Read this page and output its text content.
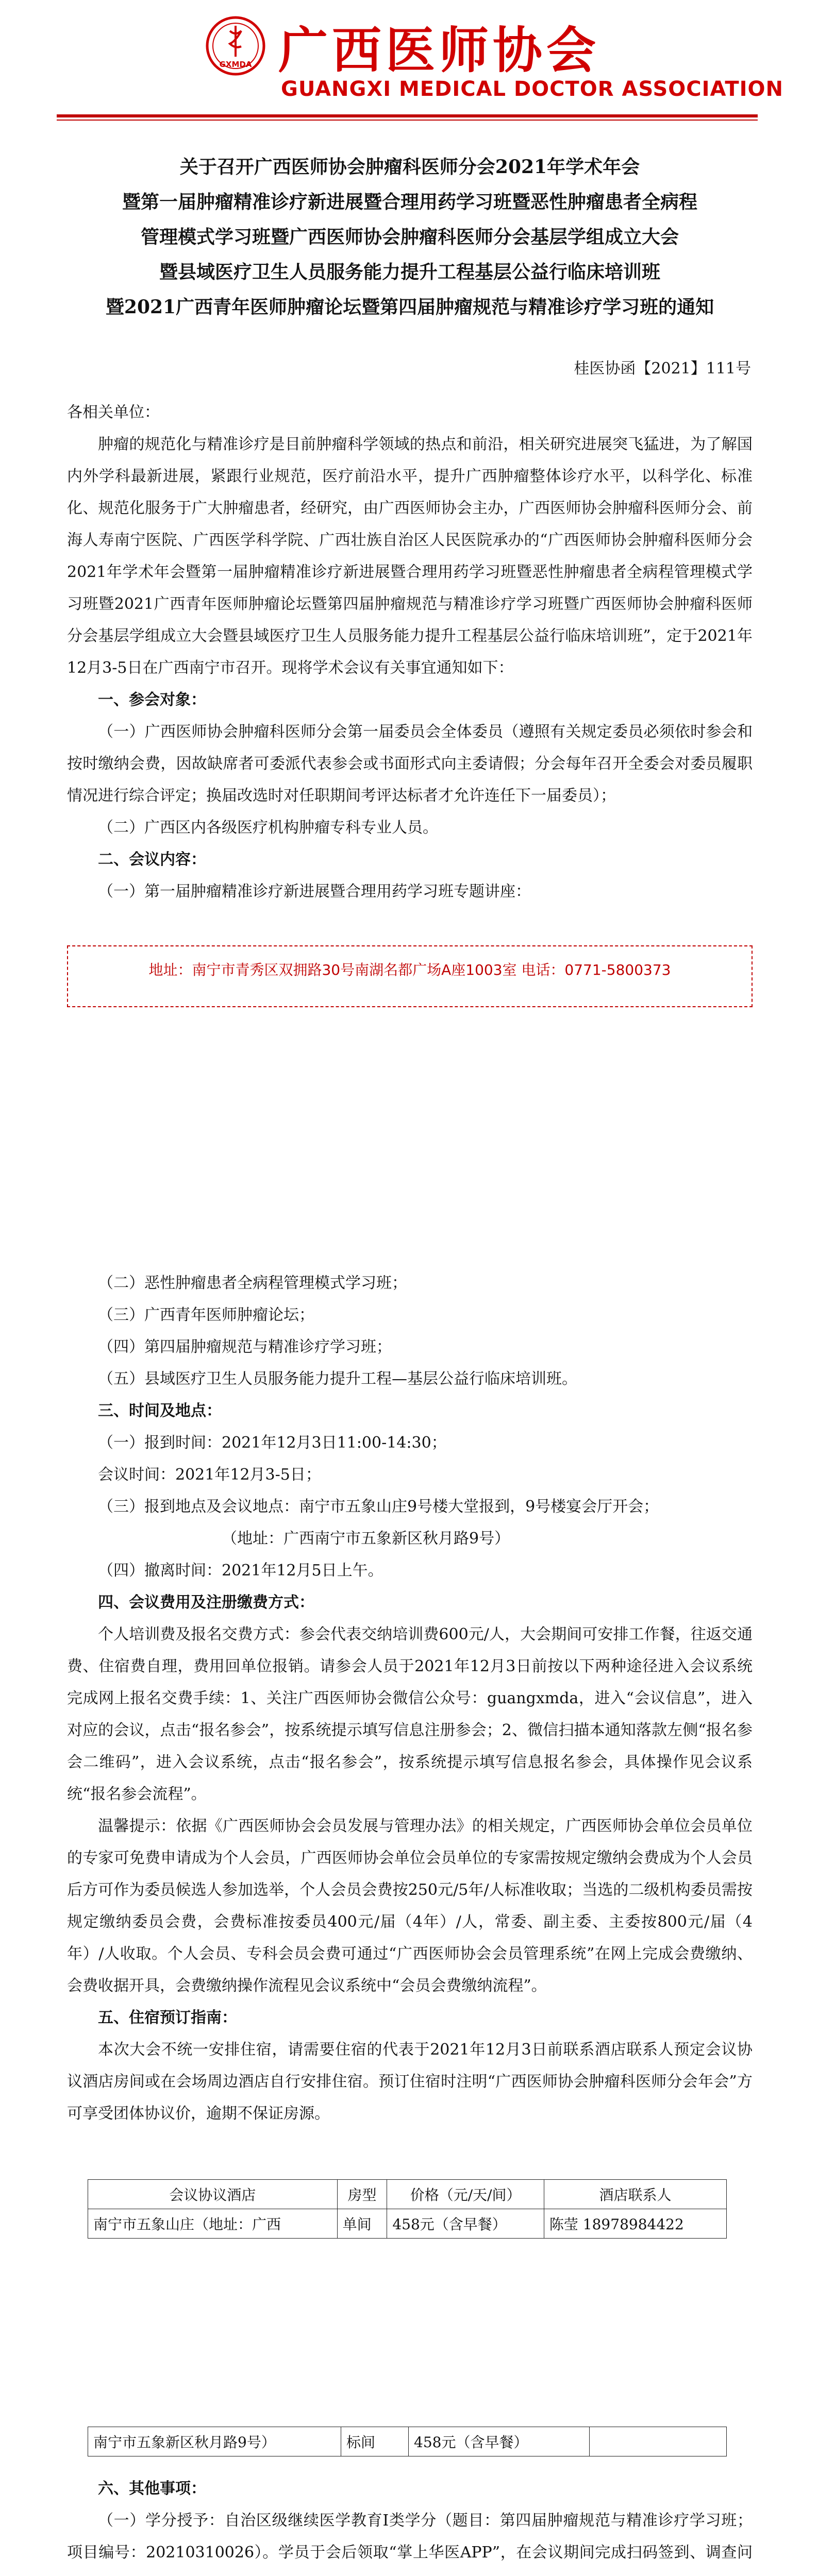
GXMDA 广西医师协会
GUANGXI MEDICAL DOCTOR ASSOCIATION
关于召开广西医师协会肿瘤科医师分会2021年学术年会
暨第一届肿瘤精准诊疗新进展暨合理用药学习班暨恶性肿瘤患者全病程
管理模式学习班暨广西医师协会肿瘤科医师分会基层学组成立大会
暨县域医疗卫生人员服务能力提升工程基层公益行临床培训班
暨2021广西青年医师肿瘤论坛暨第四届肿瘤规范与精准诊疗学习班的通知
桂医协函【2021】111号

各相关单位：

肿瘤的规范化与精准诊疗是目前肿瘤科学领域的热点和前沿，相关研究进展突飞猛进，为了解国内外学科最新进展，紧跟行业规范，医疗前沿水平，提升广西肿瘤整体诊疗水平，以科学化、标准化、规范化服务于广大肿瘤患者，经研究，由广西医师协会主办，广西医师协会肿瘤科医师分会、前海人寿南宁医院、广西医学科学院、广西壮族自治区人民医院承办的“广西医师协会肿瘤科医师分会2021年学术年会暨第一届肿瘤精准诊疗新进展暨合理用药学习班暨恶性肿瘤患者全病程管理模式学习班暨2021广西青年医师肿瘤论坛暨第四届肿瘤规范与精准诊疗学习班暨广西医师协会肿瘤科医师分会基层学组成立大会暨县域医疗卫生人员服务能力提升工程基层公益行临床培训班”，定于2021年12月3-5日在广西南宁市召开。现将学术会议有关事宜通知如下：

一、参会对象：

（一）广西医师协会肿瘤科医师分会第一届委员会全体委员（遵照有关规定委员必须依时参会和按时缴纳会费，因故缺席者可委派代表参会或书面形式向主委请假；分会每年召开全委会对委员履职情况进行综合评定；换届改选时对任职期间考评达标者才允许连任下一届委员）；

（二）广西区内各级医疗机构肿瘤专科专业人员。

二、会议内容：

（一）第一届肿瘤精准诊疗新进展暨合理用药学习班专题讲座：

地址：南宁市青秀区双拥路30号南湖名都广场A座1003室 电话：0771-5800373

（二）恶性肿瘤患者全病程管理模式学习班；

（三）广西青年医师肿瘤论坛；

（四）第四届肿瘤规范与精准诊疗学习班；

（五）县域医疗卫生人员服务能力提升工程—基层公益行临床培训班。

三、时间及地点：

（一）报到时间：2021年12月3日11:00-14:30；

会议时间：2021年12月3-5日；

（三）报到地点及会议地点：南宁市五象山庄9号楼大堂报到，9号楼宴会厅开会；

（地址：广西南宁市五象新区秋月路9号）

（四）撤离时间：2021年12月5日上午。

四、会议费用及注册缴费方式：

个人培训费及报名交费方式：参会代表交纳培训费600元/人，大会期间可安排工作餐，往返交通费、住宿费自理，费用回单位报销。请参会人员于2021年12月3日前按以下两种途径进入会议系统完成网上报名交费手续：1、关注广西医师协会微信公众号：guangxmda，进入“会议信息”，进入对应的会议，点击“报名参会”，按系统提示填写信息注册参会；2、微信扫描本通知落款左侧“报名参会二维码”，进入会议系统，点击“报名参会”，按系统提示填写信息报名参会，具体操作见会议系统“报名参会流程”。

温馨提示：依据《广西医师协会会员发展与管理办法》的相关规定，广西医师协会单位会员单位的专家可免费申请成为个人会员，广西医师协会单位会员单位的专家需按规定缴纳会费成为个人会员后方可作为委员候选人参加选举，个人会员会费按250元/5年/人标准收取；当选的二级机构委员需按规定缴纳委员会费，会费标准按委员400元/届（4年）/人，常委、副主委、主委按800元/届（4年）/人收取。个人会员、专科会员会费可通过“广西医师协会会员管理系统”在网上完成会费缴纳、会费收据开具，会费缴纳操作流程见会议系统中“会员会费缴纳流程”。

五、住宿预订指南：

本次大会不统一安排住宿，请需要住宿的代表于2021年12月3日前联系酒店联系人预定会议协议酒店房间或在会场周边酒店自行安排住宿。预订住宿时注明“广西医师协会肿瘤科医师分会年会”方可享受团体协议价，逾期不保证房源。

会议协议酒店	房型	价格（元/天/间）	酒店联系人
南宁市五象山庄（地址：广西	单间	458元（含早餐）	陈莹 18978984422
南宁市五象新区秋月路9号）	标间	458元（含早餐）	

六、其他事项：

（一）学分授予：自治区级继续医学教育I类学分（题目：第四届肿瘤规范与精准诊疗学习班；项目编号：20210310026）。学员于会后领取“掌上华医APP”，在会议期间完成扫码签到、调查问
